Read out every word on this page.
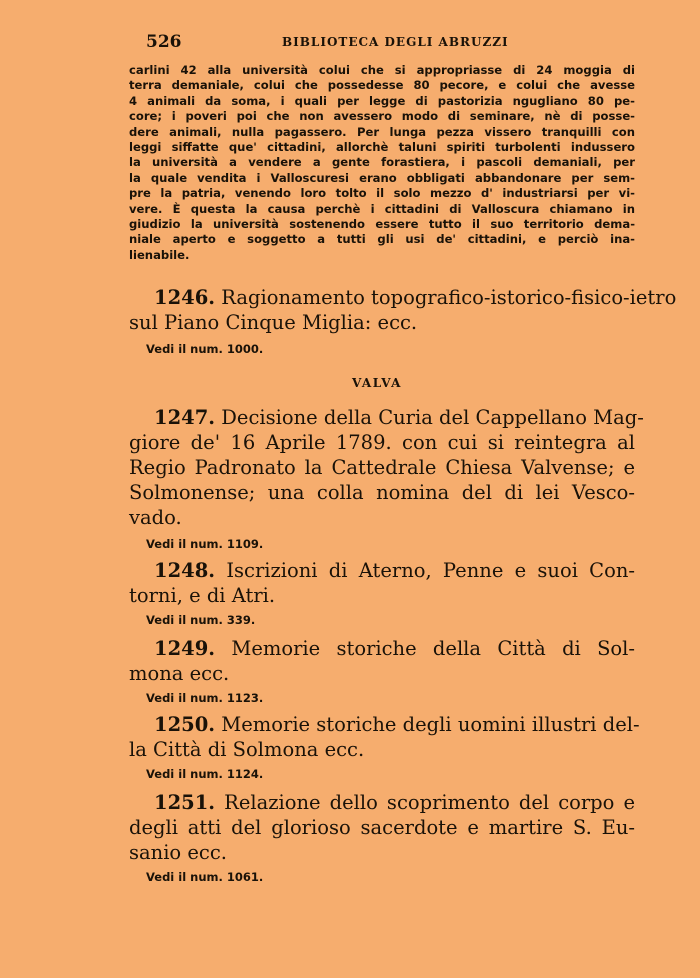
526	BIBLIOTECA DEGLI ABRUZZI
carlini 42 alla università colui che si appropriasse di 24 moggia di
terra demaniale, colui che possedesse 80 pecore, e colui che avesse
4 animali da soma, i quali per legge di pastorizia ngugliano 80 pe-
core; i poveri poi che non avessero modo di seminare, nè di posse-
dere animali, nulla pagassero. Per lunga pezza vissero tranquilli con
leggi siffatte que' cittadini, allorchè taluni spiriti turbolenti indussero
la università a vendere a gente forastiera, i pascoli demaniali, per
la quale vendita i Valloscuresi erano obbligati abbandonare per sem-
pre la patria, venendo loro tolto il solo mezzo d' industriarsi per vi-
vere. È questa la causa perchè i cittadini di Valloscura chiamano in
giudizio la università sostenendo essere tutto il suo territorio dema-
niale aperto e soggetto a tutti gli usi de' cittadini, e perciò ina-
lienabile.
1246. Ragionamento topografico-istorico-fisico-ietro
sul Piano Cinque Miglia: ecc.
Vedi il num. 1000.
VALVA
1247. Decisione della Curia del Cappellano Mag-
giore de' 16 Aprile 1789. con cui si reintegra al
Regio Padronato la Cattedrale Chiesa Valvense; e
Solmonense; una colla nomina del di lei Vesco-
vado.
Vedi il num. 1109.
1248. Iscrizioni di Aterno, Penne e suoi Con-
torni, e di Atri.
Vedi il num. 339.
1249. Memorie storiche della Città di Sol-
mona ecc.
Vedi il num. 1123.
1250. Memorie storiche degli uomini illustri del-
la Città di Solmona ecc.
Vedi il num. 1124.
1251. Relazione dello scoprimento del corpo e
degli atti del glorioso sacerdote e martire S. Eu-
sanio ecc.
Vedi il num. 1061.
